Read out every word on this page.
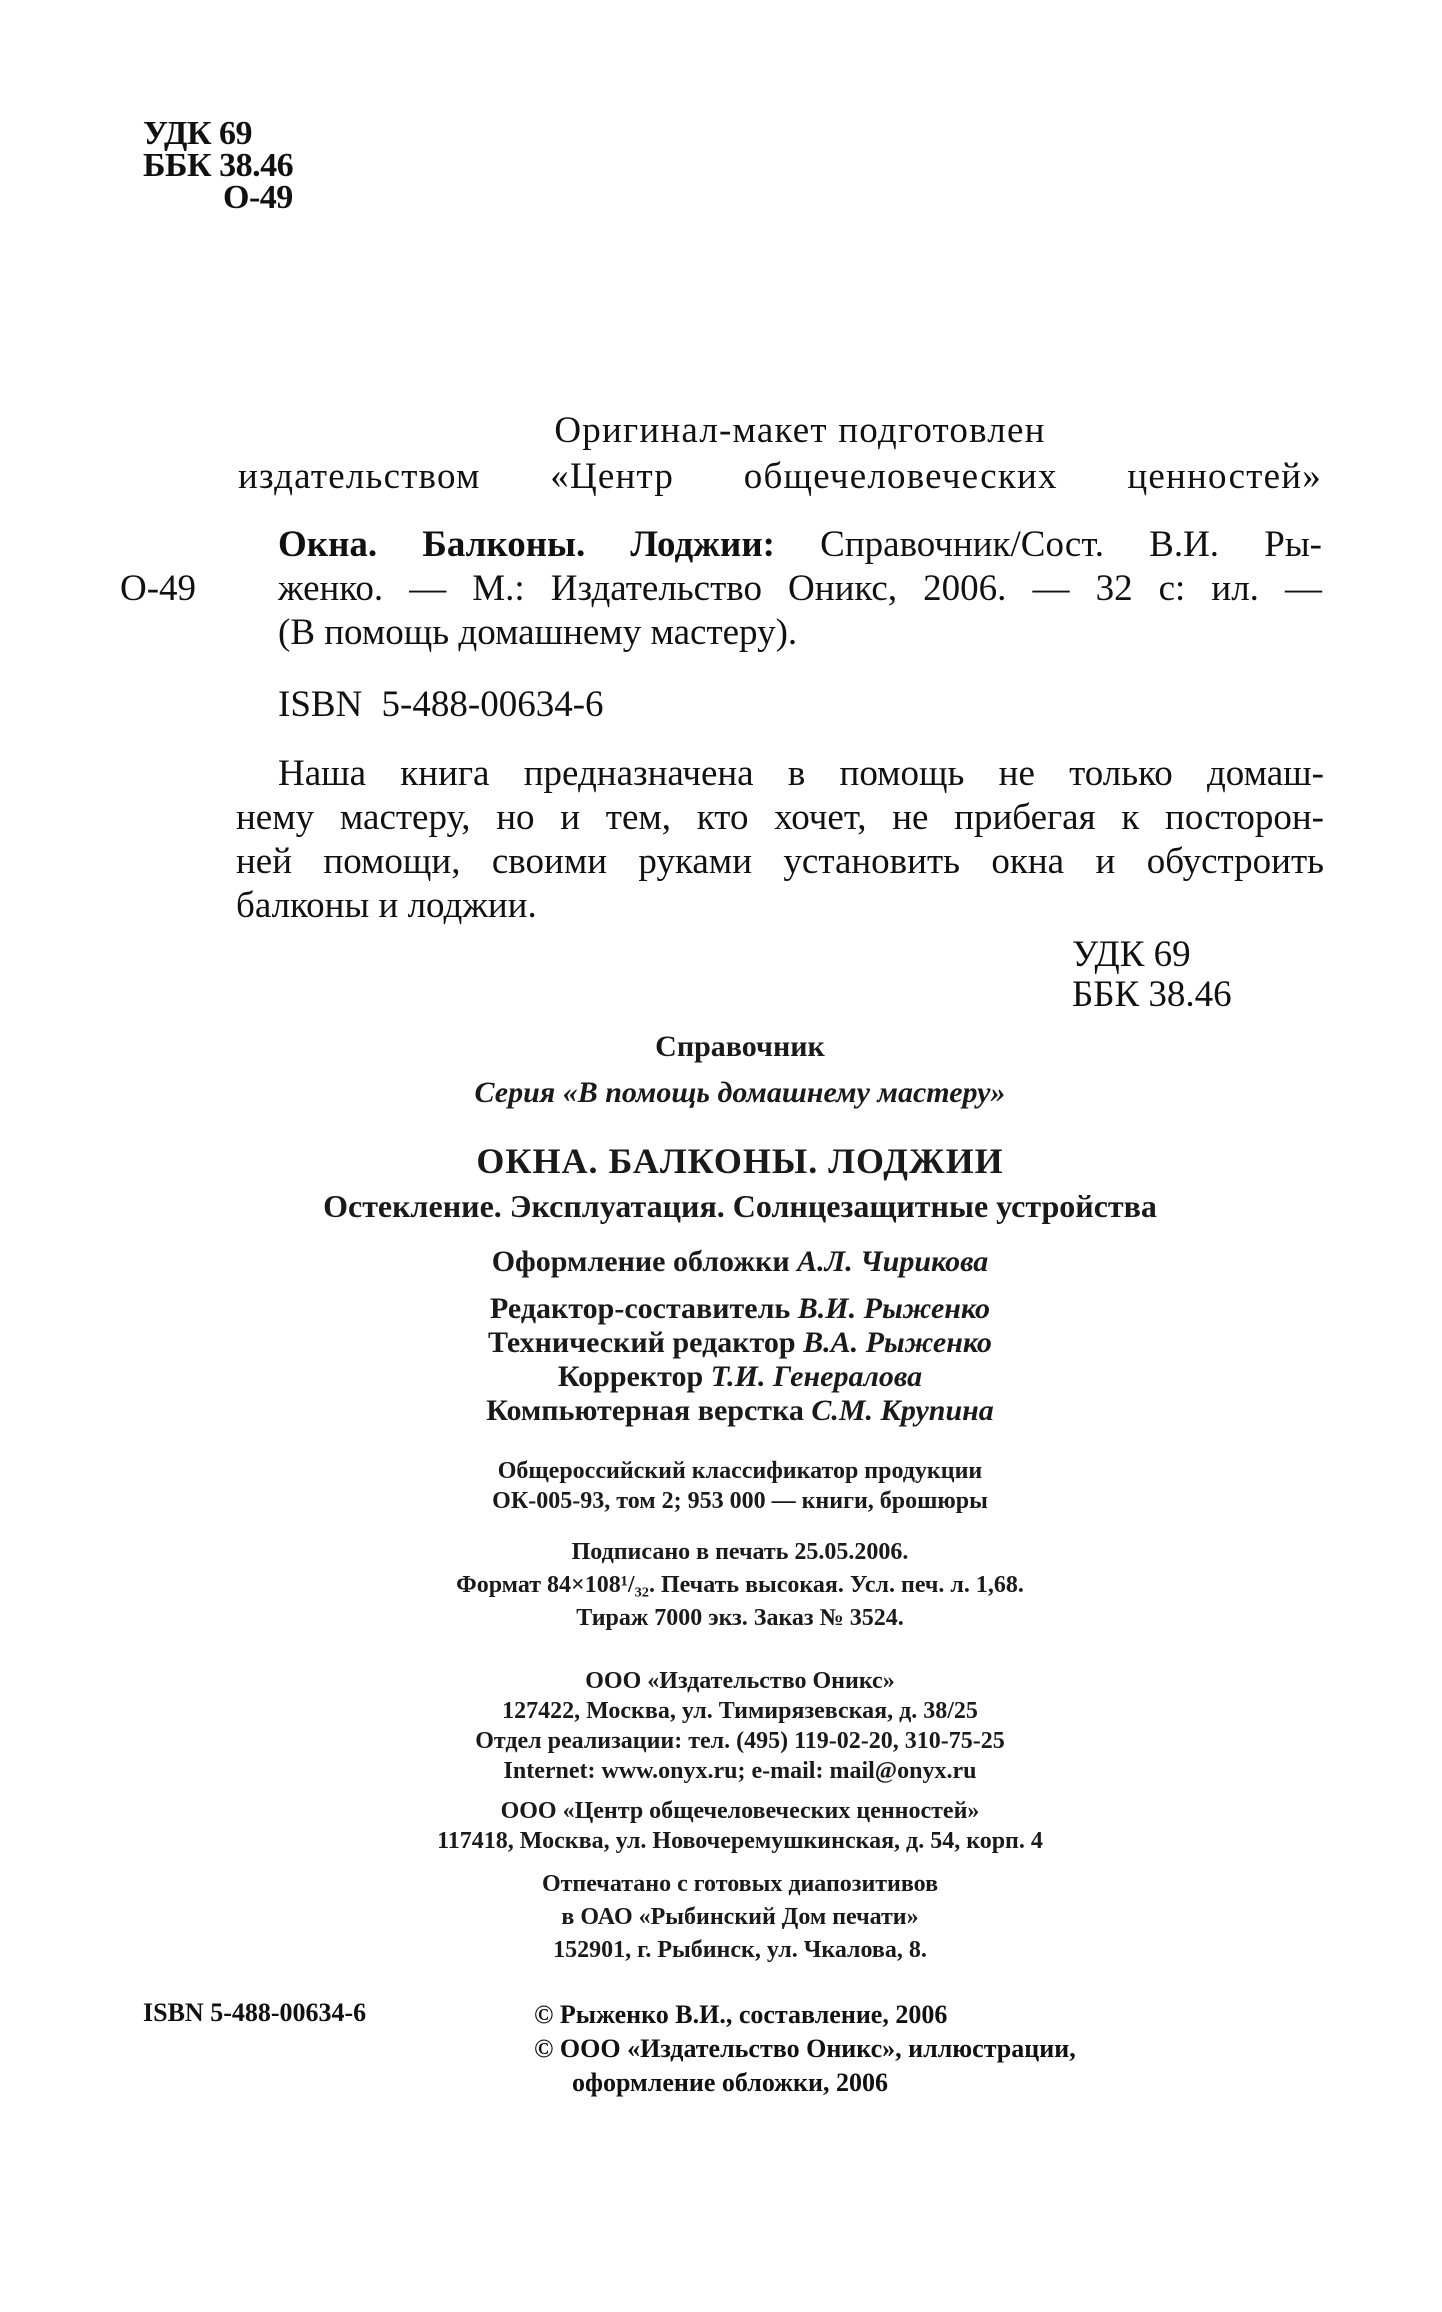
УДК 69
ББК 38.46
О-49
Оригинал-макет подготовлен
издательством «Центр общечеловеческих ценностей»
О-49
Окна. Балконы. Лоджии: Справочник/Сост. В.И. Ры-
женко. — М.: Издательство Оникс, 2006. — 32 с: ил. —
(В помощь домашнему мастеру).
ISBN 5-488-00634-6
Наша книга предназначена в помощь не только домаш-
нему мастеру, но и тем, кто хочет, не прибегая к посторон-
ней помощи, своими руками установить окна и обустроить
балконы и лоджии.
УДК 69
ББК 38.46
Справочник
Серия «В помощь домашнему мастеру»
ОКНА. БАЛКОНЫ. ЛОДЖИИ
Остекление. Эксплуатация. Солнцезащитные устройства
Оформление обложки А.Л. Чирикова
Редактор-составитель В.И. Рыженко
Технический редактор В.А. Рыженко
Корректор Т.И. Генералова
Компьютерная верстка С.М. Крупина
Общероссийский классификатор продукции
ОК-005-93, том 2; 953 000 — книги, брошюры
Подписано в печать 25.05.2006.
Формат 84×108¹/₃₂. Печать высокая. Усл. печ. л. 1,68.
Тираж 7000 экз. Заказ № 3524.
ООО «Издательство Оникс»
127422, Москва, ул. Тимирязевская, д. 38/25
Отдел реализации: тел. (495) 119-02-20, 310-75-25
Internet: www.onyx.ru; e-mail: mail@onyx.ru
ООО «Центр общечеловеческих ценностей»
117418, Москва, ул. Новочеремушкинская, д. 54, корп. 4
Отпечатано с готовых диапозитивов
в ОАО «Рыбинский Дом печати»
152901, г. Рыбинск, ул. Чкалова, 8.
ISBN 5-488-00634-6	© Рыженко В.И., составление, 2006
© ООО «Издательство Оникс», иллюстрации,
оформление обложки, 2006
